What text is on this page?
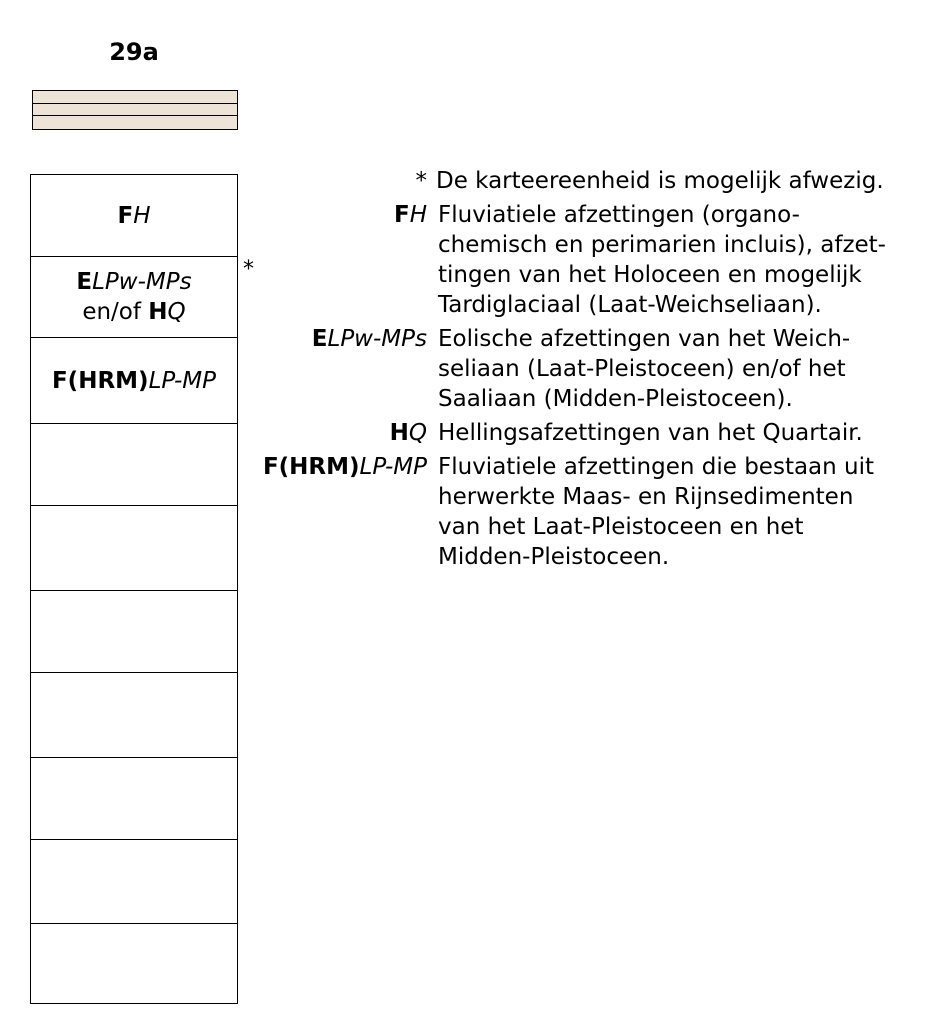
29a
FH
ELPw-MPs
en/of HQ
F(HRM)LP-MP
*
* De karteereenheid is mogelijk afwezig.
FH Fluviatiele afzettingen (organo-
chemisch en perimarien incluis), afzet-
tingen van het Holoceen en mogelijk
Tardiglaciaal (Laat-Weichseliaan).
ELPw-MPs Eolische afzettingen van het Weich-
seliaan (Laat-Pleistoceen) en/of het
Saaliaan (Midden-Pleistoceen).
HQ Hellingsafzettingen van het Quartair.
F(HRM)LP-MP Fluviatiele afzettingen die bestaan uit
herwerkte Maas- en Rijnsedimenten
van het Laat-Pleistoceen en het
Midden-Pleistoceen.
